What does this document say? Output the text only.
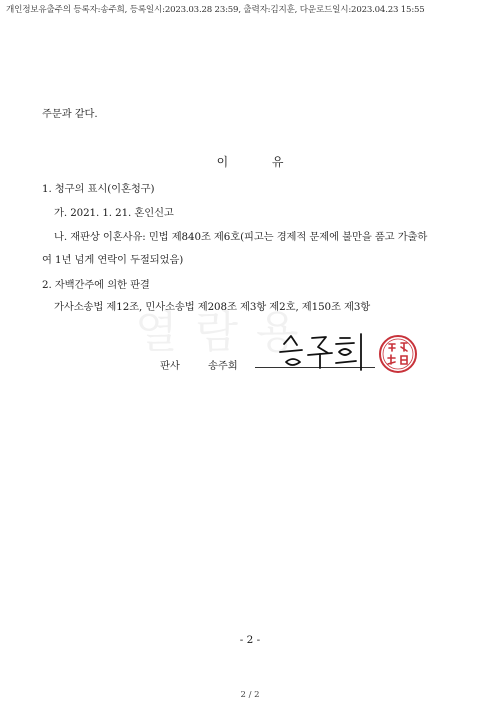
개인정보유출주의 등록자:송주희, 등록일시:2023.03.28 23:59, 출력자:김지훈, 다운로드일시:2023.04.23 15:55
열람용
주문과 같다.
이	유
1. 청구의 표시(이혼청구)
가. 2021. 1. 21. 혼인신고
나. 재판상 이혼사유: 민법 제840조 제6호(피고는 경제적 문제에 불만을 품고 가출하
여 1년 넘게 연락이 두절되었음)
2. 자백간주에 의한 판결
가사소송법 제12조, 민사소송법 제208조 제3항 제2호, 제150조 제3항
판사	송주희
- 2 -
2 / 2
